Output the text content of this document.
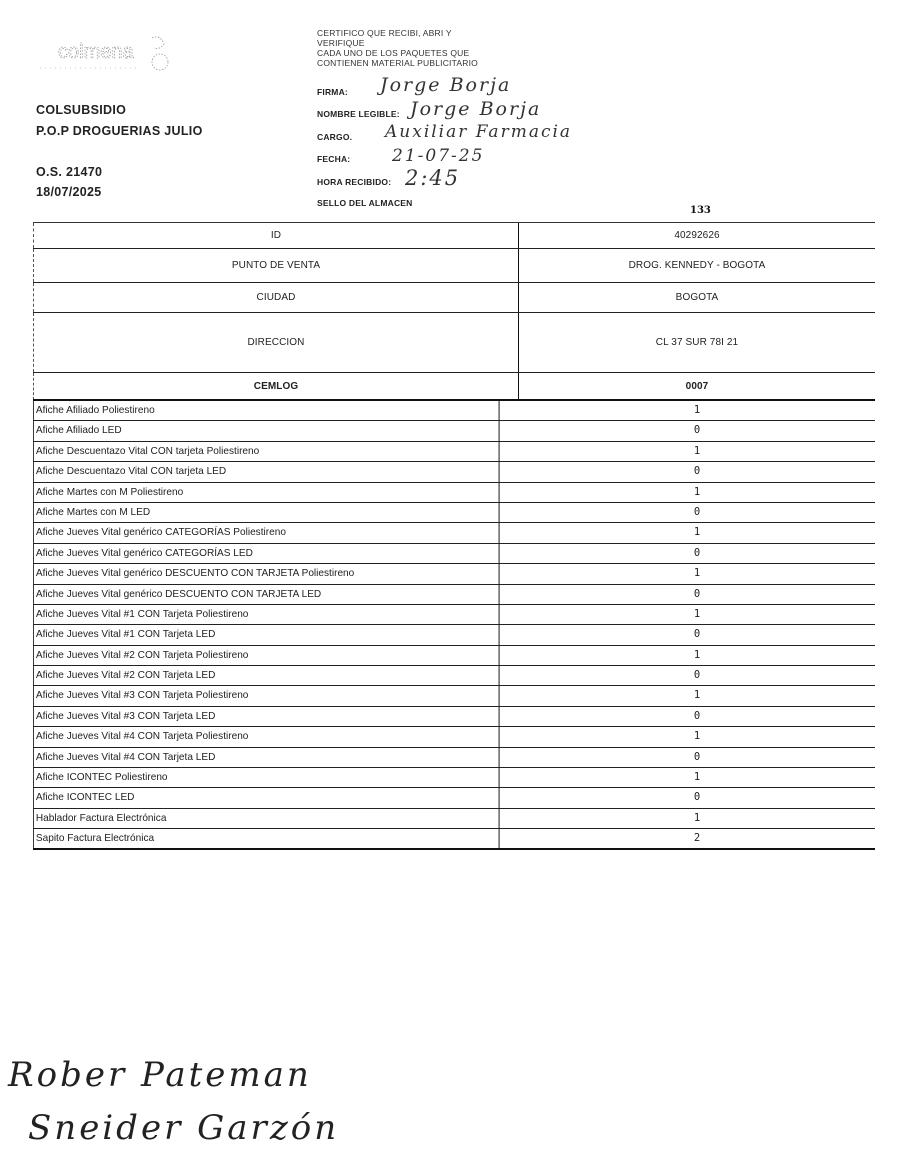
colmena
COLSUBSIDIO
P.O.P DROGUERIAS JULIO
O.S. 21470
18/07/2025
CERTIFICO QUE RECIBI, ABRI Y
VERIFIQUE
CADA UNO DE LOS PAQUETES QUE
CONTIENEN MATERIAL PUBLICITARIO
FIRMA: Jorge Borja
NOMBRE LEGIBLE: Jorge Borja
CARGO. Auxiliar Farmacia
FECHA: 21-07-25
HORA RECIBIDO: 2:45
SELLO DEL ALMACEN
133
ID	40292626
PUNTO DE VENTA	DROG. KENNEDY - BOGOTA
CIUDAD	BOGOTA
DIRECCION	CL 37 SUR 78I 21
CEMLOG	0007
Afiche Afiliado Poliestireno	1
Afiche Afiliado LED	0
Afiche Descuentazo Vital CON tarjeta Poliestireno	1
Afiche Descuentazo Vital CON tarjeta LED	0
Afiche Martes con M Poliestireno	1
Afiche Martes con M LED	0
Afiche Jueves Vital genérico CATEGORÍAS Poliestireno	1
Afiche Jueves Vital genérico CATEGORÍAS LED	0
Afiche Jueves Vital genérico DESCUENTO CON TARJETA Poliestireno	1
Afiche Jueves Vital genérico DESCUENTO CON TARJETA LED	0
Afiche Jueves Vital #1 CON Tarjeta Poliestireno	1
Afiche Jueves Vital #1 CON Tarjeta LED	0
Afiche Jueves Vital #2 CON Tarjeta Poliestireno	1
Afiche Jueves Vital #2 CON Tarjeta LED	0
Afiche Jueves Vital #3 CON Tarjeta Poliestireno	1
Afiche Jueves Vital #3 CON Tarjeta LED	0
Afiche Jueves Vital #4 CON Tarjeta Poliestireno	1
Afiche Jueves Vital #4 CON Tarjeta LED	0
Afiche ICONTEC Poliestireno	1
Afiche ICONTEC LED	0
Hablador Factura Electrónica	1
Sapito Factura Electrónica	2
Rober Pateman
Sneider Garzón
